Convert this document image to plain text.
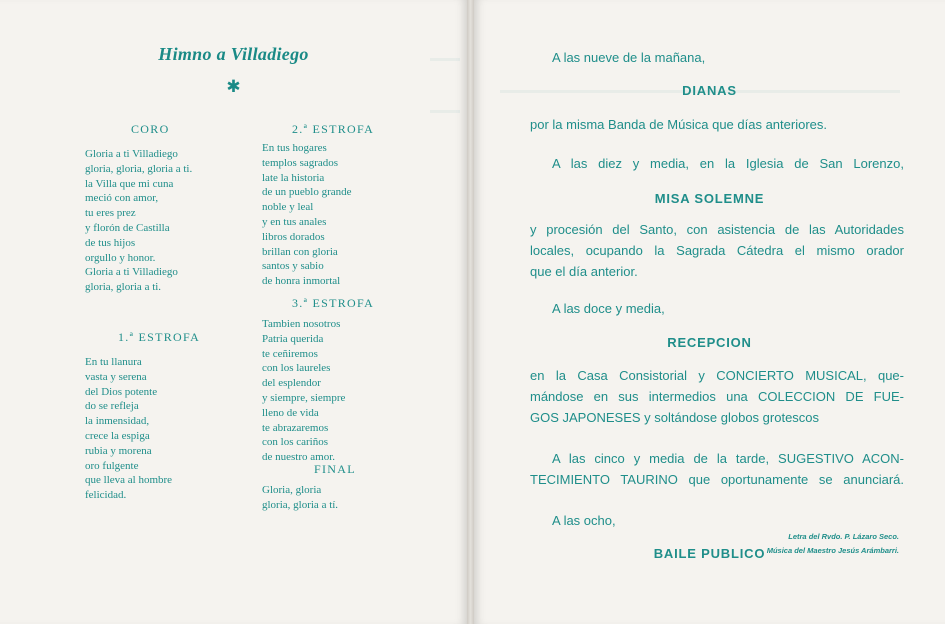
Himno a Villadiego
✱
CORO
Gloria a ti Villadiego
gloria, gloria, gloria a ti.
la Villa que mi cuna
meció con amor,
tu eres prez
y florón de Castilla
de tus hijos
orgullo y honor.
Gloria a ti Villadiego
gloria, gloria a ti.
1.ª ESTROFA
En tu llanura
vasta y serena
del Dios potente
do se refleja
la inmensidad,
crece la espiga
rubia y morena
oro fulgente
que lleva al hombre
felicidad.
2.ª ESTROFA
En tus hogares
templos sagrados
late la historia
de un pueblo grande
noble y leal
y en tus anales
libros dorados
brillan con gloria
santos y sabio
de honra inmortal
3.ª ESTROFA
Tambien nosotros
Patria querida
te ceñiremos
con los laureles
del esplendor
y siempre, siempre
lleno de vida
te abrazaremos
con los cariños
de nuestro amor.
FINAL
Gloria, gloria
gloria, gloria a tí.
Letra del Rvdo. P. Lázaro Seco.
Música del Maestro Jesús Arámbarri.
A las nueve de la mañana,
DIANAS
por la misma Banda de Música que días anteriores.
A las diez y media, en la Iglesia de San Lorenzo,
MISA SOLEMNE
y procesión del Santo, con asistencia de las Autoridades
locales, ocupando la Sagrada Cátedra el mismo orador
que el día anterior.
A las doce y media,
RECEPCION
en la Casa Consistorial y CONCIERTO MUSICAL, que-
mándose en sus intermedios una COLECCION DE FUE-
GOS JAPONESES y soltándose globos grotescos
A las cinco y media de la tarde, SUGESTIVO ACON-
TECIMIENTO TAURINO que oportunamente se anunciará.
A las ocho,
BAILE PUBLICO
